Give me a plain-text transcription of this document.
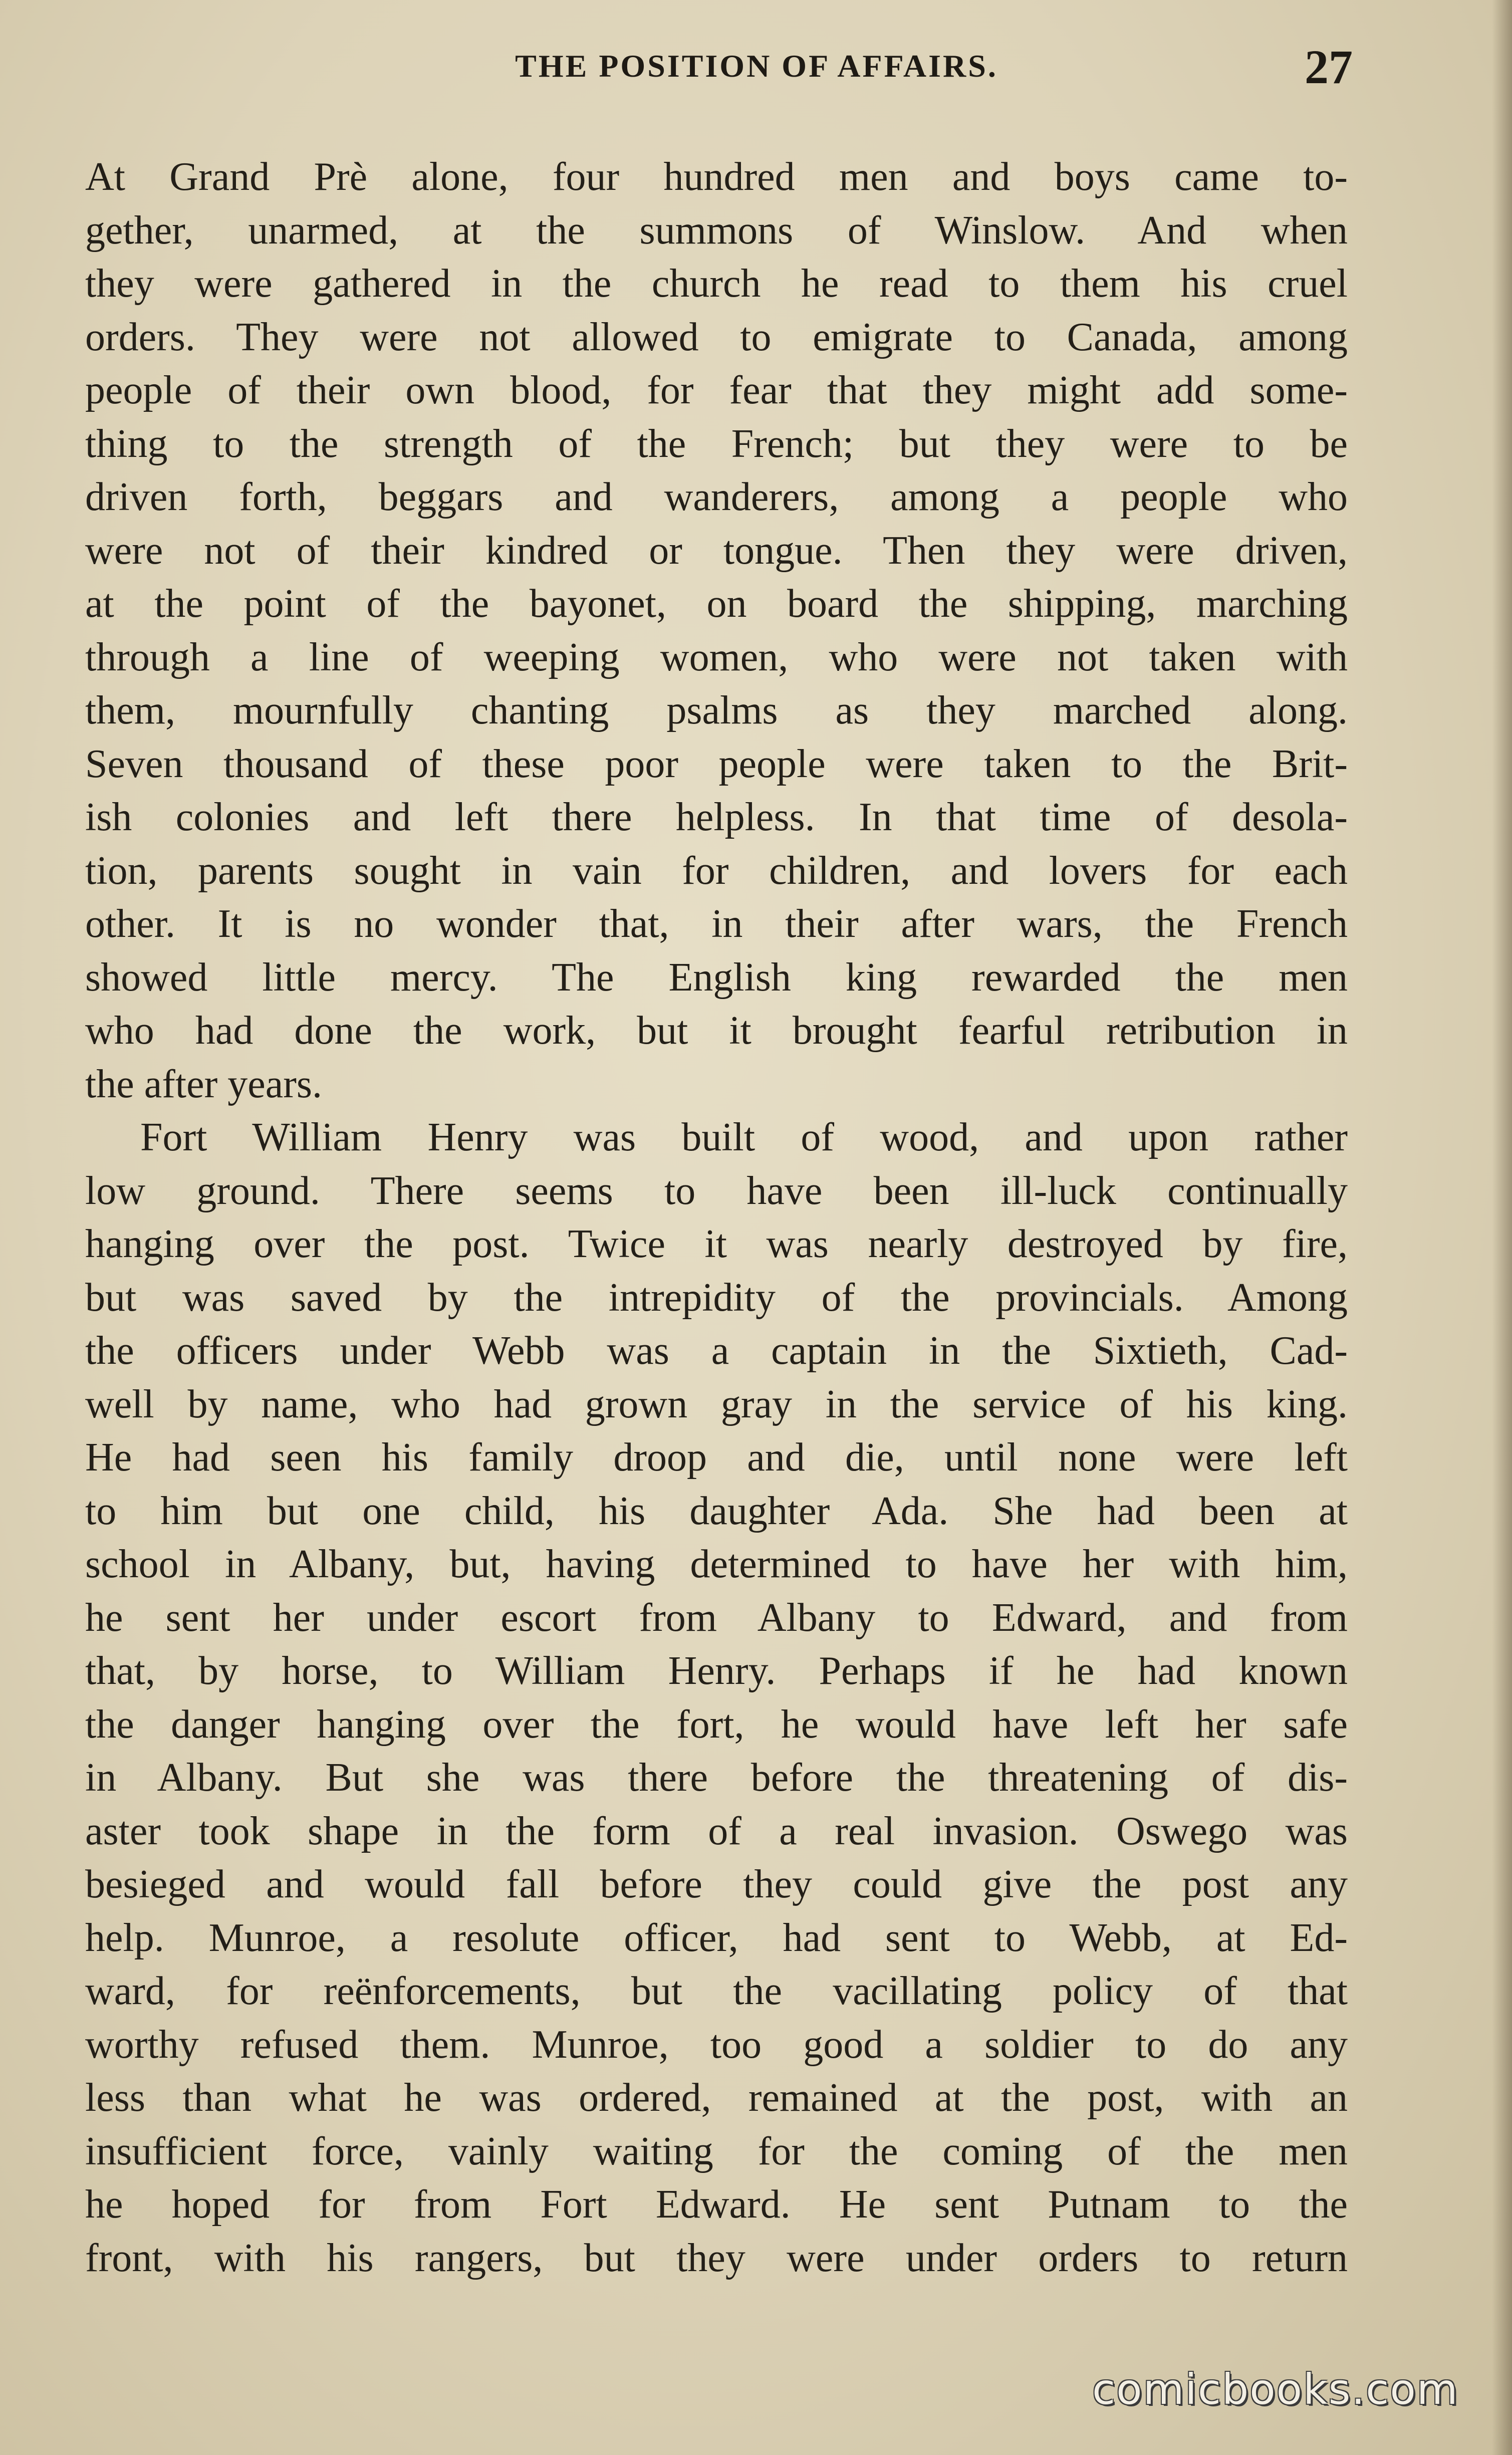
THE POSITION OF AFFAIRS.	27
At Grand Prè alone, four hundred men and boys came to-
gether, unarmed, at the summons of Winslow. And when
they were gathered in the church he read to them his cruel
orders. They were not allowed to emigrate to Canada, among
people of their own blood, for fear that they might add some-
thing to the strength of the French; but they were to be
driven forth, beggars and wanderers, among a people who
were not of their kindred or tongue. Then they were driven,
at the point of the bayonet, on board the shipping, marching
through a line of weeping women, who were not taken with
them, mournfully chanting psalms as they marched along.
Seven thousand of these poor people were taken to the Brit-
ish colonies and left there helpless. In that time of desola-
tion, parents sought in vain for children, and lovers for each
other. It is no wonder that, in their after wars, the French
showed little mercy. The English king rewarded the men
who had done the work, but it brought fearful retribution in
the after years.
Fort William Henry was built of wood, and upon rather
low ground. There seems to have been ill-luck continually
hanging over the post. Twice it was nearly destroyed by fire,
but was saved by the intrepidity of the provincials. Among
the officers under Webb was a captain in the Sixtieth, Cad-
well by name, who had grown gray in the service of his king.
He had seen his family droop and die, until none were left
to him but one child, his daughter Ada. She had been at
school in Albany, but, having determined to have her with him,
he sent her under escort from Albany to Edward, and from
that, by horse, to William Henry. Perhaps if he had known
the danger hanging over the fort, he would have left her safe
in Albany. But she was there before the threatening of dis-
aster took shape in the form of a real invasion. Oswego was
besieged and would fall before they could give the post any
help. Munroe, a resolute officer, had sent to Webb, at Ed-
ward, for reënforcements, but the vacillating policy of that
worthy refused them. Munroe, too good a soldier to do any
less than what he was ordered, remained at the post, with an
insufficient force, vainly waiting for the coming of the men
he hoped for from Fort Edward. He sent Putnam to the
front, with his rangers, but they were under orders to return
comicbooks.com
